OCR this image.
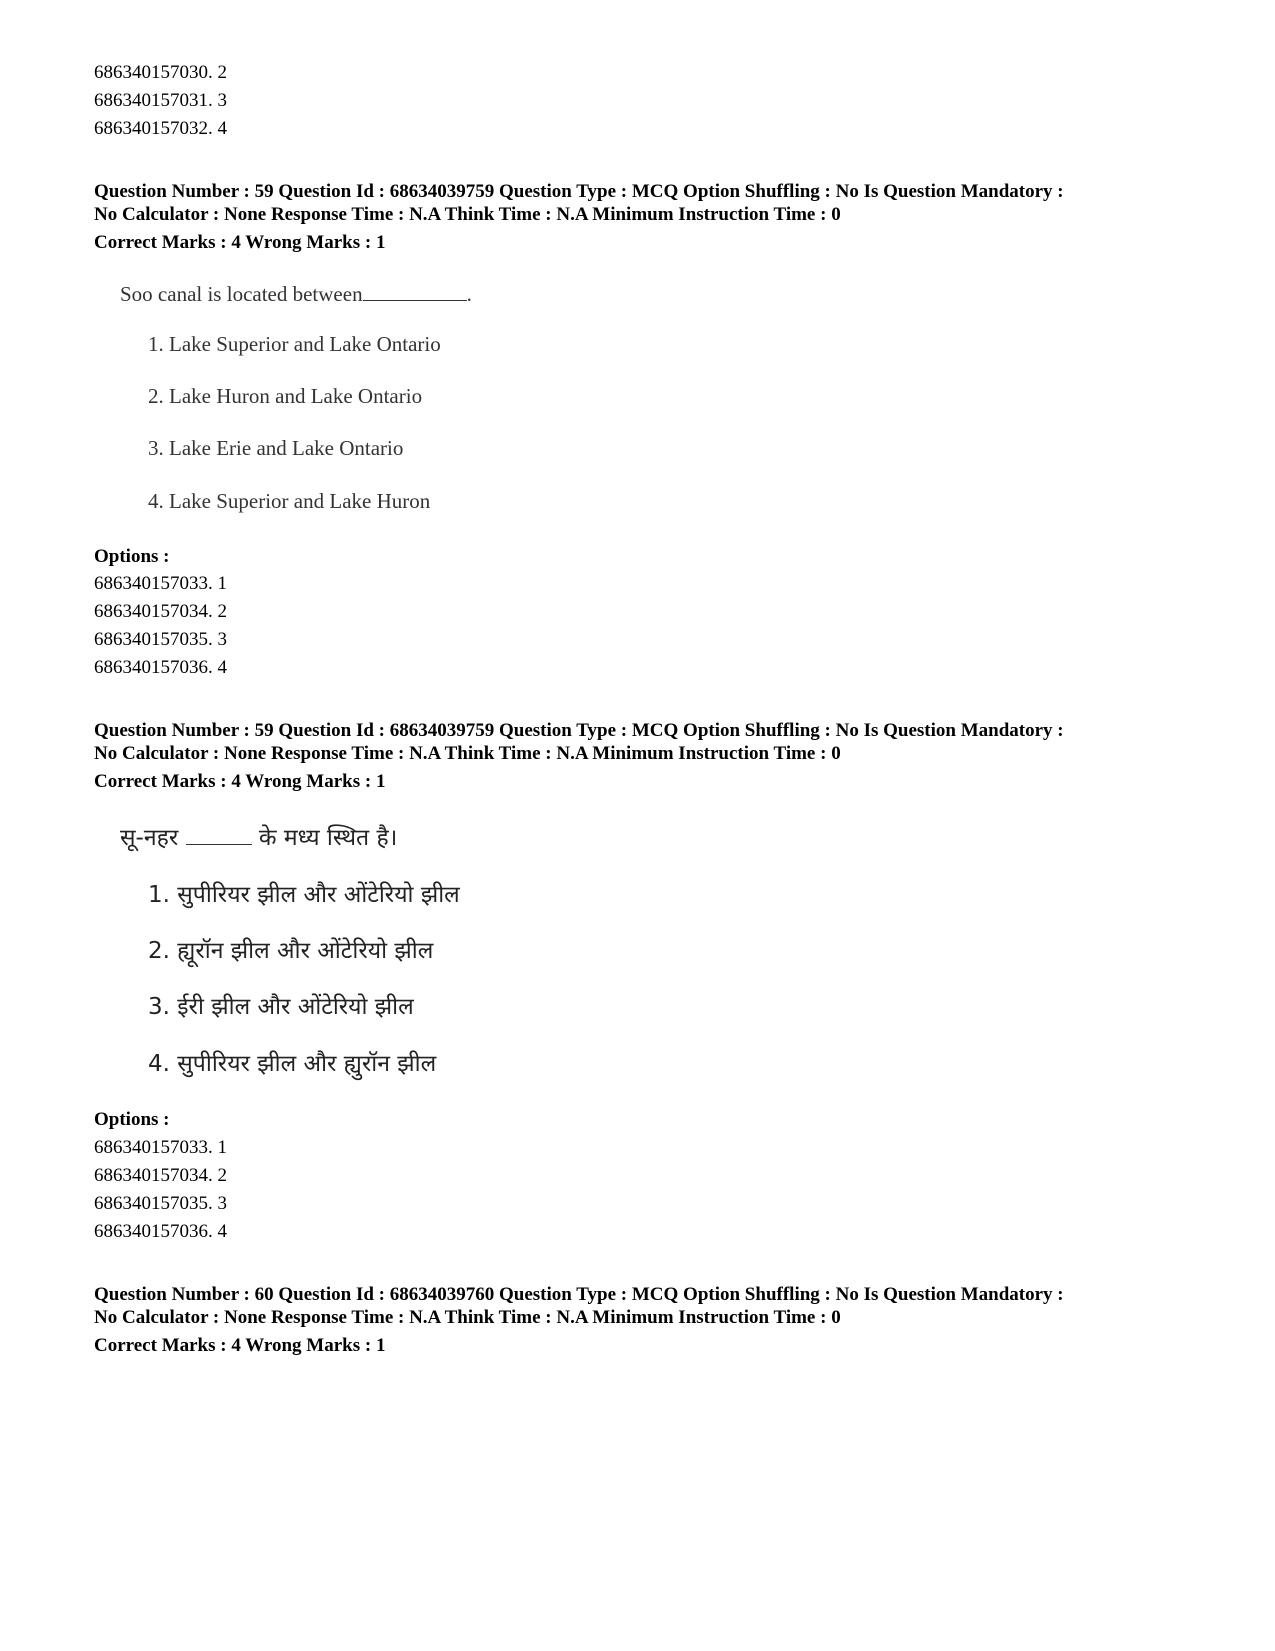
686340157030. 2
686340157031. 3
686340157032. 4
Question Number : 59 Question Id : 68634039759 Question Type : MCQ Option Shuffling : No Is Question Mandatory :
No Calculator : None Response Time : N.A Think Time : N.A Minimum Instruction Time : 0
Correct Marks : 4 Wrong Marks : 1
Soo canal is located between	.
1. Lake Superior and Lake Ontario
2. Lake Huron and Lake Ontario
3. Lake Erie and Lake Ontario
4. Lake Superior and Lake Huron
Options :
686340157033. 1
686340157034. 2
686340157035. 3
686340157036. 4
Question Number : 59 Question Id : 68634039759 Question Type : MCQ Option Shuffling : No Is Question Mandatory :
No Calculator : None Response Time : N.A Think Time : N.A Minimum Instruction Time : 0
Correct Marks : 4 Wrong Marks : 1
सू-नहर	के मध्य स्थित है।
1. सुपीरियर झील और ओंटेरियो झील
2. ह्यूरॉन झील और ओंटेरियो झील
3. ईरी झील और ओंटेरियो झील
4. सुपीरियर झील और ह्युरॉन झील
Options :
686340157033. 1
686340157034. 2
686340157035. 3
686340157036. 4
Question Number : 60 Question Id : 68634039760 Question Type : MCQ Option Shuffling : No Is Question Mandatory :
No Calculator : None Response Time : N.A Think Time : N.A Minimum Instruction Time : 0
Correct Marks : 4 Wrong Marks : 1
